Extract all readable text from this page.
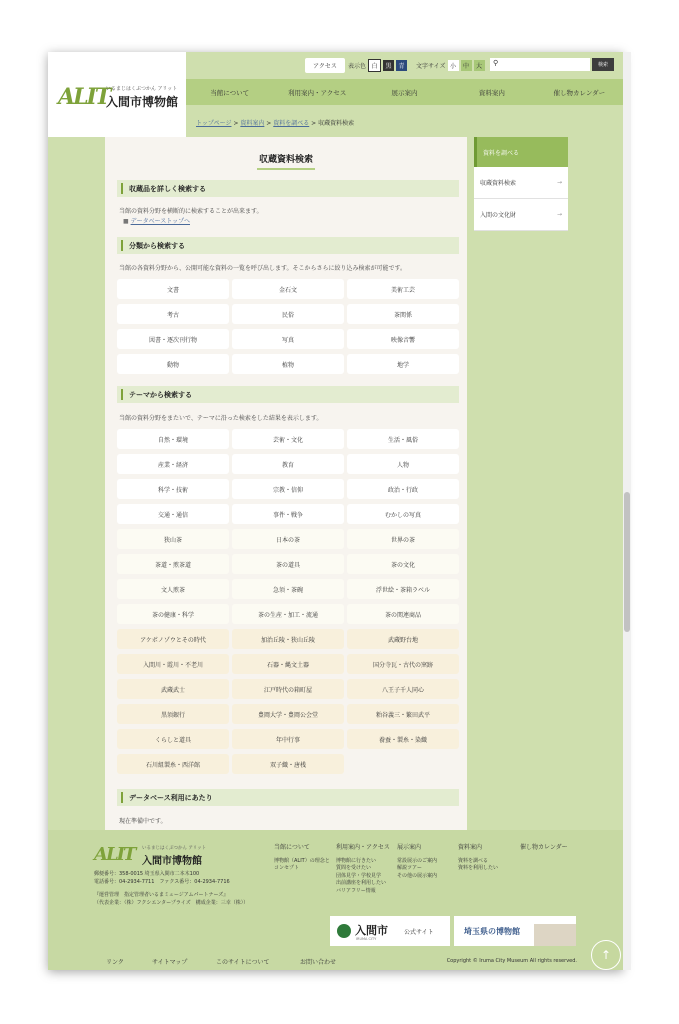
ALIT
いるまじはくぶつかん アリット
入間市博物館
アクセス	表示色 白	黒	青	文字サイズ 小	中	大	⚲	検索
当館について	利用案内・アクセス	展示案内	資料案内	催し物カレンダー
トップページ > 資料案内 > 資料を調べる > 収蔵資料検索
収蔵資料検索
収蔵品を詳しく検索する
当館の資料分野を横断的に検索することが出来ます。
■ データベーストップへ
分類から検索する
当館の各資料分野から、公開可能な資料の一覧を呼び出します。そこからさらに絞り込み検索が可能です。
文書	金石文	美術工芸
考古	民俗	茶関係
図書・逐次刊行物	写真	映像音響
動物	植物	地学
テーマから検索する
当館の資料分野をまたいで、テーマに沿った検索をした結果を表示します。
自然・環境	芸術・文化	生活・風俗
産業・経済	教育	人物
科学・技術	宗教・信仰	政治・行政
交通・通信	事件・戦争	むかしの写真
狭山茶	日本の茶	世界の茶
茶道・煎茶道	茶の道具	茶の文化
文人煎茶	急須・茶碗	浮世絵・茶箱ラベル
茶の健康・科学	茶の生産・加工・流通	茶の関連商品
アケボノゾウとその時代	加治丘陵・狭山丘陵	武蔵野台地
入間川・霞川・不老川	石器・縄文土器	国分寺瓦・古代の窯跡
武蔵武士	江戸時代の箱町屋	八王子千人同心
黒須銀行	豊岡大学・豊岡公会堂	粕谷義三・繁田武平
くらしと道具	年中行事	養蚕・製糸・染織
石川組製糸・西洋館	双子織・唐桟
データベース利用にあたり
現在準備中です。
資料を調べる
収蔵資料検索	→
入間の文化財	→
ALIT いるまじはくぶつかん アリット
入間市博物館
郵便番号：358-0015 埼玉県入間市二本木100
電話番号：04-2934-7711　ファクス番号：04-2934-7716
『運営管理　指定管理者いるまミュージアムパートナーズ』
（代表企業：（株）フクシエンタープライズ　構成企業：三幸（株））
当館について
博物館（ALIT）の理念と
コンセプト
利用案内・アクセス
博物館に行きたい
質問を受けたい
団体見学・学校見学
出前講座を利用したい
バリアフリー情報
展示案内
常設展示のご案内
解説ツアー
その他の展示案内
資料案内
資料を調べる
資料を利用したい
催し物カレンダー
入間市
IRUMA CITY
公式サイト	埼玉県の博物館
↑
リンク	サイトマップ	このサイトについて	お問い合わせ	Copyright © Iruma City Museum All rights reserved.
